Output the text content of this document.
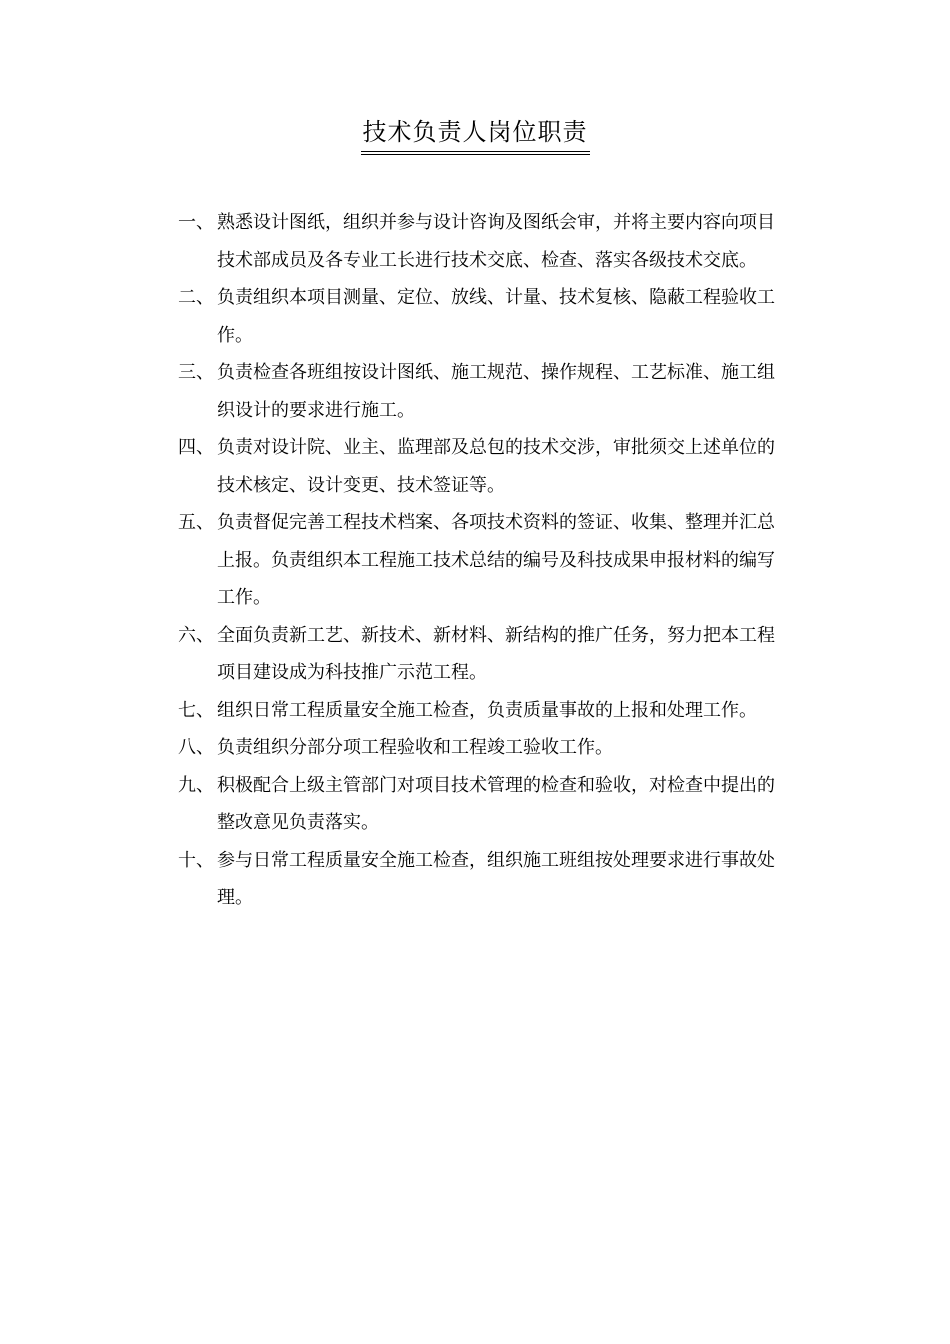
技术负责人岗位职责
一、 熟悉设计图纸，组织并参与设计咨询及图纸会审，并将主要内容向项目
技术部成员及各专业工长进行技术交底、检查、落实各级技术交底。
二、 负责组织本项目测量、定位、放线、计量、技术复核、隐蔽工程验收工
作。
三、 负责检查各班组按设计图纸、施工规范、操作规程、工艺标准、施工组
织设计的要求进行施工。
四、 负责对设计院、业主、监理部及总包的技术交涉，审批须交上述单位的
技术核定、设计变更、技术签证等。
五、 负责督促完善工程技术档案、各项技术资料的签证、收集、整理并汇总
上报。负责组织本工程施工技术总结的编号及科技成果申报材料的编写
工作。
六、 全面负责新工艺、新技术、新材料、新结构的推广任务，努力把本工程
项目建设成为科技推广示范工程。
七、 组织日常工程质量安全施工检查，负责质量事故的上报和处理工作。
八、 负责组织分部分项工程验收和工程竣工验收工作。
九、 积极配合上级主管部门对项目技术管理的检查和验收，对检查中提出的
整改意见负责落实。
十、 参与日常工程质量安全施工检查，组织施工班组按处理要求进行事故处
理。
